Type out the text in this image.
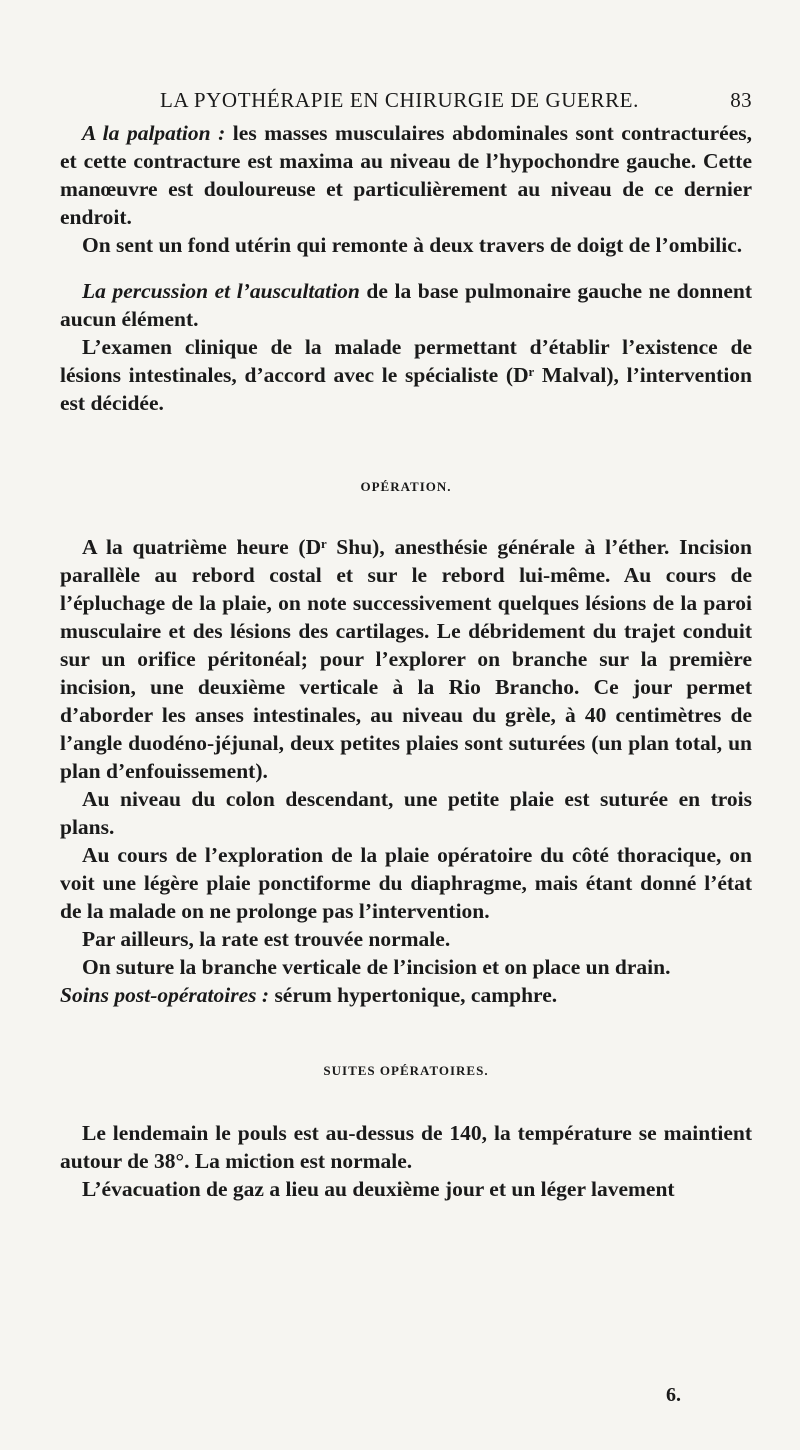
LA PYOTHÉRAPIE EN CHIRURGIE DE GUERRE.	83

A la palpation : les masses musculaires abdominales sont contracturées, et cette contracture est maxima au niveau de l’hypochondre gauche. Cette manœuvre est douloureuse et particulièrement au niveau de ce dernier endroit.

On sent un fond utérin qui remonte à deux travers de doigt de l’ombilic.

La percussion et l’auscultation de la base pulmonaire gauche ne donnent aucun élément.

L’examen clinique de la malade permettant d’établir l’existence de lésions intestinales, d’accord avec le spécialiste (Dʳ Malval), l’intervention est décidée.

OPÉRATION.

A la quatrième heure (Dʳ Shu), anesthésie générale à l’éther. Incision parallèle au rebord costal et sur le rebord lui-même. Au cours de l’épluchage de la plaie, on note successivement quelques lésions de la paroi musculaire et des lésions des cartilages. Le débridement du trajet conduit sur un orifice péritonéal; pour l’explorer on branche sur la première incision, une deuxième verticale à la Rio Brancho. Ce jour permet d’aborder les anses intestinales, au niveau du grèle, à 40 centimètres de l’angle duodéno-jéjunal, deux petites plaies sont suturées (un plan total, un plan d’enfouissement).

Au niveau du colon descendant, une petite plaie est suturée en trois plans.

Au cours de l’exploration de la plaie opératoire du côté thoracique, on voit une légère plaie ponctiforme du diaphragme, mais étant donné l’état de la malade on ne prolonge pas l’intervention.

Par ailleurs, la rate est trouvée normale.

On suture la branche verticale de l’incision et on place un drain.

Soins post-opératoires : sérum hypertonique, camphre.

SUITES OPÉRATOIRES.

Le lendemain le pouls est au-dessus de 140, la température se maintient autour de 38°. La miction est normale.

L’évacuation de gaz a lieu au deuxième jour et un léger lavement

6.
